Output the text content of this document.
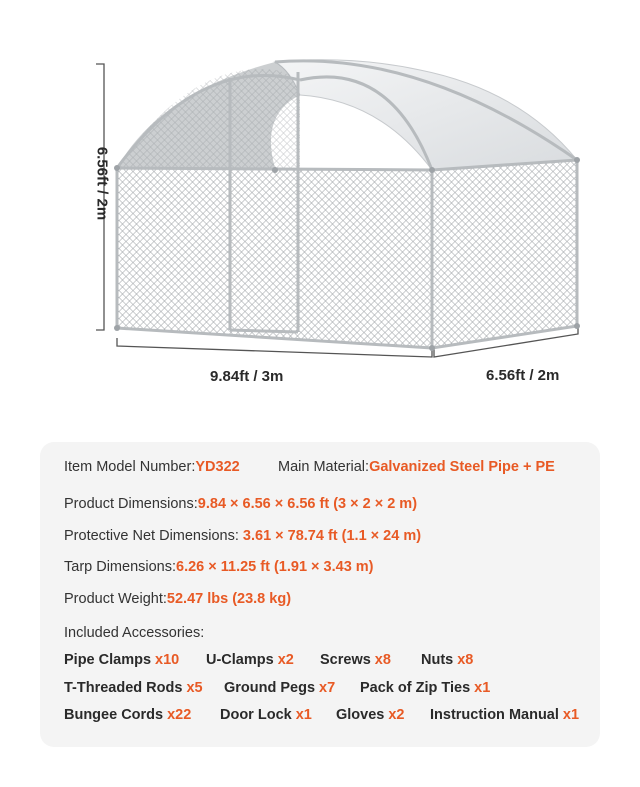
6.56ft / 2m
9.84ft / 3m	6.56ft / 2m
Item Model Number:YD322	Main Material:Galvanized Steel Pipe + PE
Product Dimensions:9.84 × 6.56 × 6.56 ft (3 × 2 × 2 m)
Protective Net Dimensions: 3.61 × 78.74 ft (1.1 × 24 m)
Tarp Dimensions:6.26 × 11.25 ft (1.91 × 3.43 m)
Product Weight:52.47 lbs (23.8 kg)
Included Accessories:
Pipe Clamps x10 U-Clamps x2 Screws x8 Nuts x8
T-Threaded Rods x5 Ground Pegs x7 Pack of Zip Ties x1
Bungee Cords x22 Door Lock x1 Gloves x2 Instruction Manual x1
